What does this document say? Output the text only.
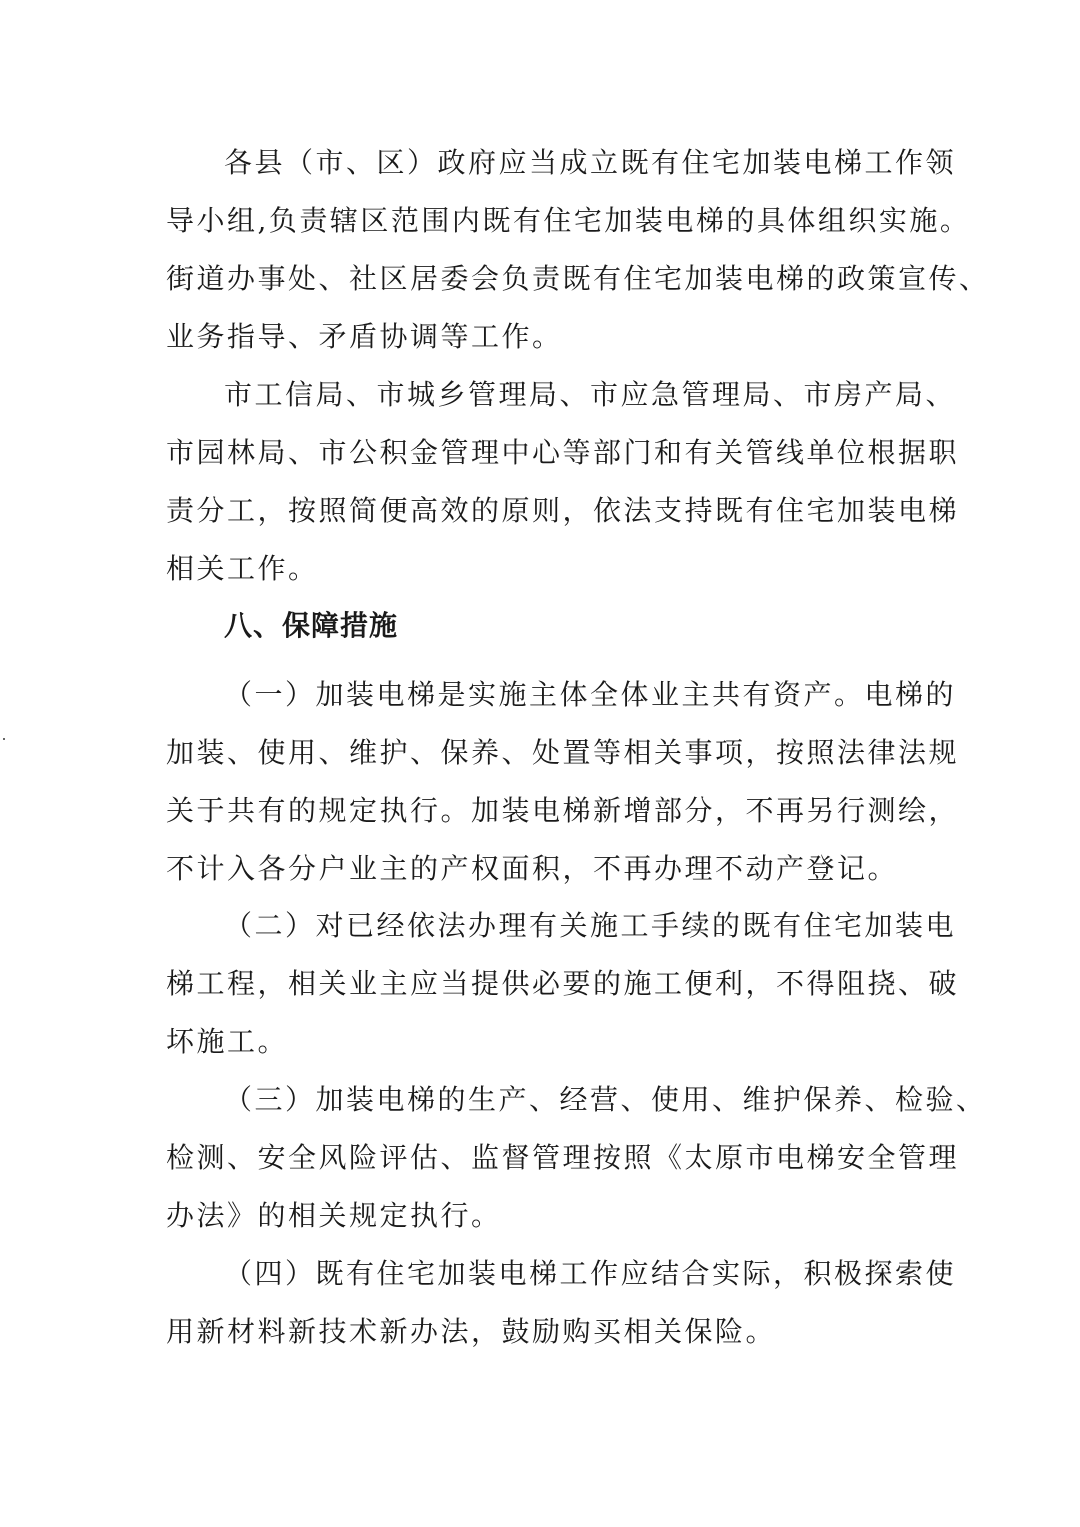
各县（市、区）政府应当成立既有住宅加装电梯工作领
导小组,负责辖区范围内既有住宅加装电梯的具体组织实施。
街道办事处、社区居委会负责既有住宅加装电梯的政策宣传、
业务指导、矛盾协调等工作。
市工信局、市城乡管理局、市应急管理局、市房产局、
市园林局、市公积金管理中心等部门和有关管线单位根据职
责分工，按照简便高效的原则，依法支持既有住宅加装电梯
相关工作。
八、保障措施
（一）加装电梯是实施主体全体业主共有资产。电梯的
加装、使用、维护、保养、处置等相关事项，按照法律法规
关于共有的规定执行。加装电梯新增部分，不再另行测绘，
不计入各分户业主的产权面积，不再办理不动产登记。
（二）对已经依法办理有关施工手续的既有住宅加装电
梯工程，相关业主应当提供必要的施工便利，不得阻挠、破
坏施工。
（三）加装电梯的生产、经营、使用、维护保养、检验、
检测、安全风险评估、监督管理按照《太原市电梯安全管理
办法》的相关规定执行。
（四）既有住宅加装电梯工作应结合实际，积极探索使
用新材料新技术新办法，鼓励购买相关保险。
